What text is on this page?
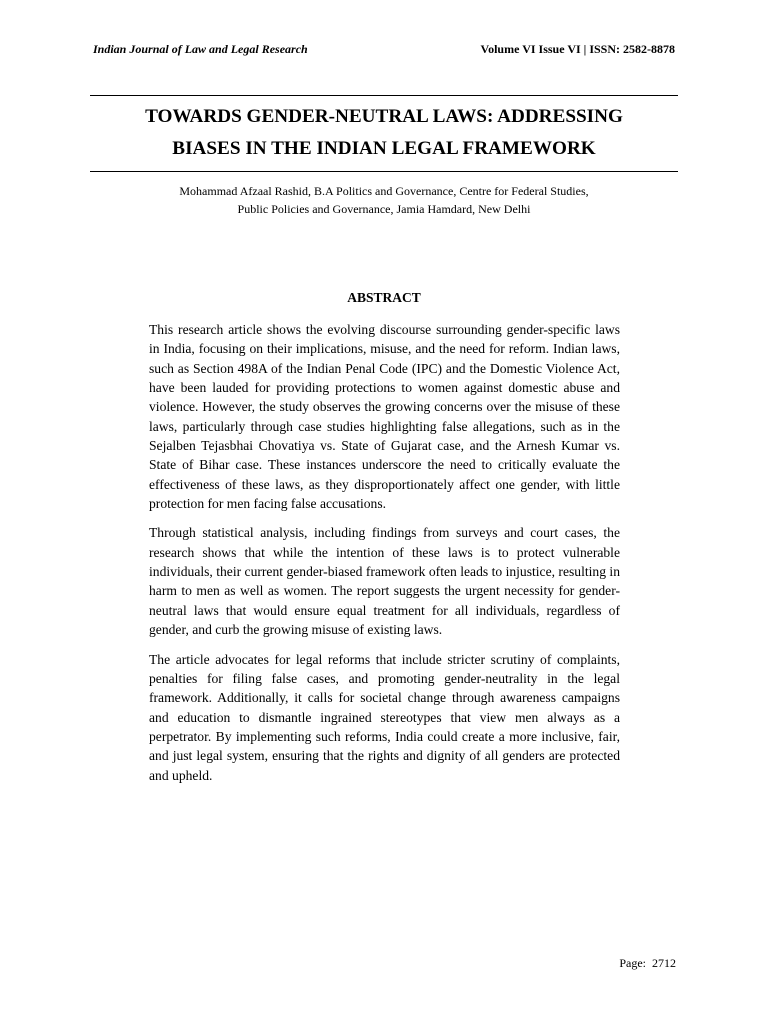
Indian Journal of Law and Legal Research	Volume VI Issue VI | ISSN: 2582-8878
TOWARDS GENDER-NEUTRAL LAWS: ADDRESSING
BIASES IN THE INDIAN LEGAL FRAMEWORK
Mohammad Afzaal Rashid, B.A Politics and Governance, Centre for Federal Studies,
Public Policies and Governance, Jamia Hamdard, New Delhi
ABSTRACT

This research article shows the evolving discourse surrounding gender-specific laws in India, focusing on their implications, misuse, and the need for reform. Indian laws, such as Section 498A of the Indian Penal Code (IPC) and the Domestic Violence Act, have been lauded for providing protections to women against domestic abuse and violence. However, the study observes the growing concerns over the misuse of these laws, particularly through case studies highlighting false allegations, such as in the Sejalben Tejasbhai Chovatiya vs. State of Gujarat case, and the Arnesh Kumar vs. State of Bihar case. These instances underscore the need to critically evaluate the effectiveness of these laws, as they disproportionately affect one gender, with little protection for men facing false accusations.

Through statistical analysis, including findings from surveys and court cases, the research shows that while the intention of these laws is to protect vulnerable individuals, their current gender-biased framework often leads to injustice, resulting in harm to men as well as women. The report suggests the urgent necessity for gender-neutral laws that would ensure equal treatment for all individuals, regardless of gender, and curb the growing misuse of existing laws.

The article advocates for legal reforms that include stricter scrutiny of complaints, penalties for filing false cases, and promoting gender-neutrality in the legal framework. Additionally, it calls for societal change through awareness campaigns and education to dismantle ingrained stereotypes that view men always as a perpetrator. By implementing such reforms, India could create a more inclusive, fair, and just legal system, ensuring that the rights and dignity of all genders are protected and upheld.

Page: 2712
